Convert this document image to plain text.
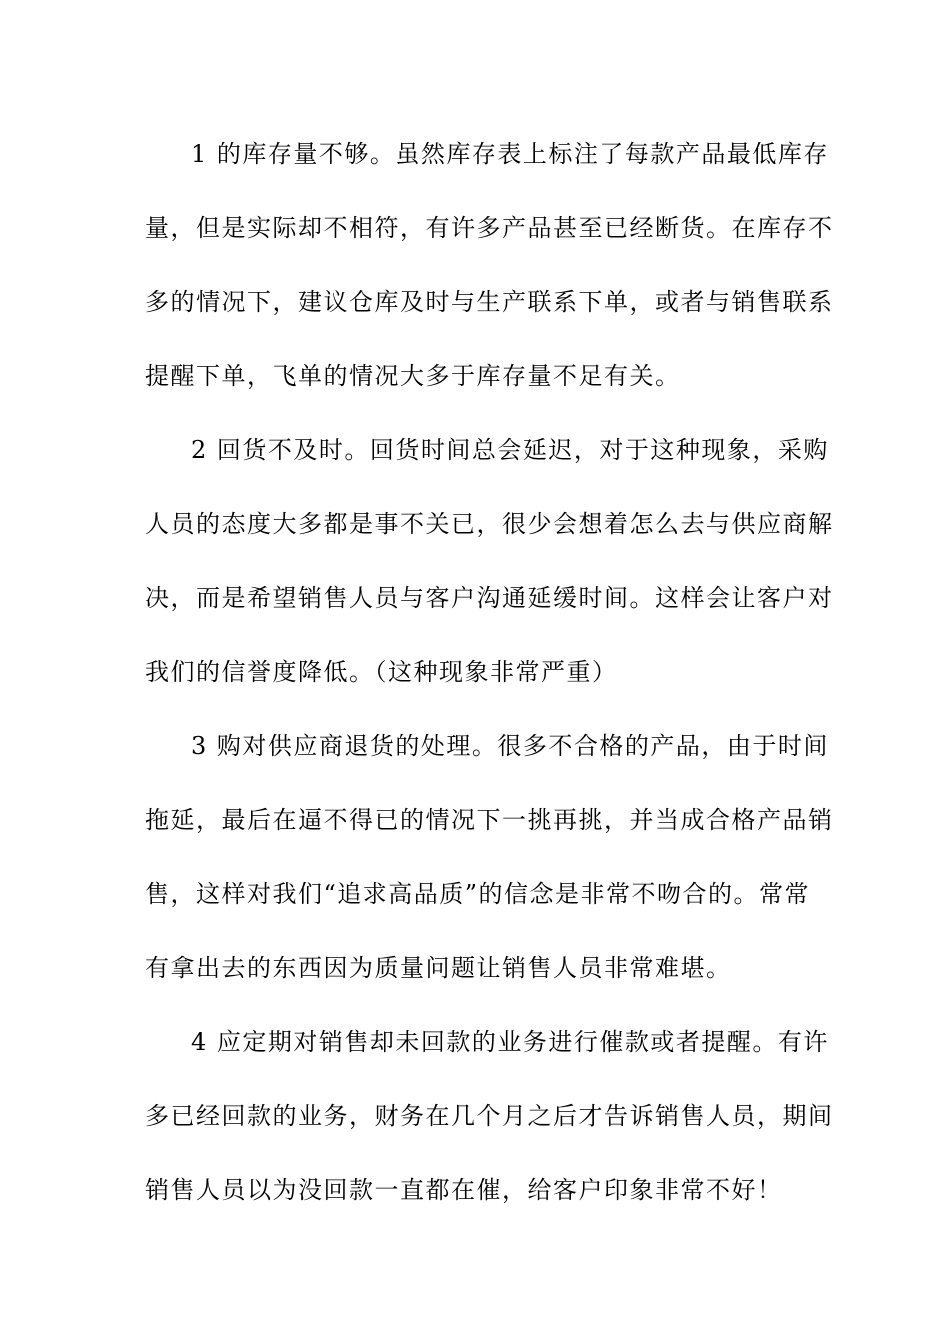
1 的库存量不够。虽然库存表上标注了每款产品最低库存
量，但是实际却不相符，有许多产品甚至已经断货。在库存不
多的情况下，建议仓库及时与生产联系下单，或者与销售联系
提醒下单，飞单的情况大多于库存量不足有关。
2 回货不及时。回货时间总会延迟，对于这种现象，采购
人员的态度大多都是事不关已，很少会想着怎么去与供应商解
决，而是希望销售人员与客户沟通延缓时间。这样会让客户对
我们的信誉度降低。（这种现象非常严重）
3 购对供应商退货的处理。很多不合格的产品，由于时间
拖延，最后在逼不得已的情况下一挑再挑，并当成合格产品销
售，这样对我们“追求高品质”的信念是非常不吻合的。常常
有拿出去的东西因为质量问题让销售人员非常难堪。
4 应定期对销售却未回款的业务进行催款或者提醒。有许
多已经回款的业务，财务在几个月之后才告诉销售人员，期间
销售人员以为没回款一直都在催，给客户印象非常不好！
